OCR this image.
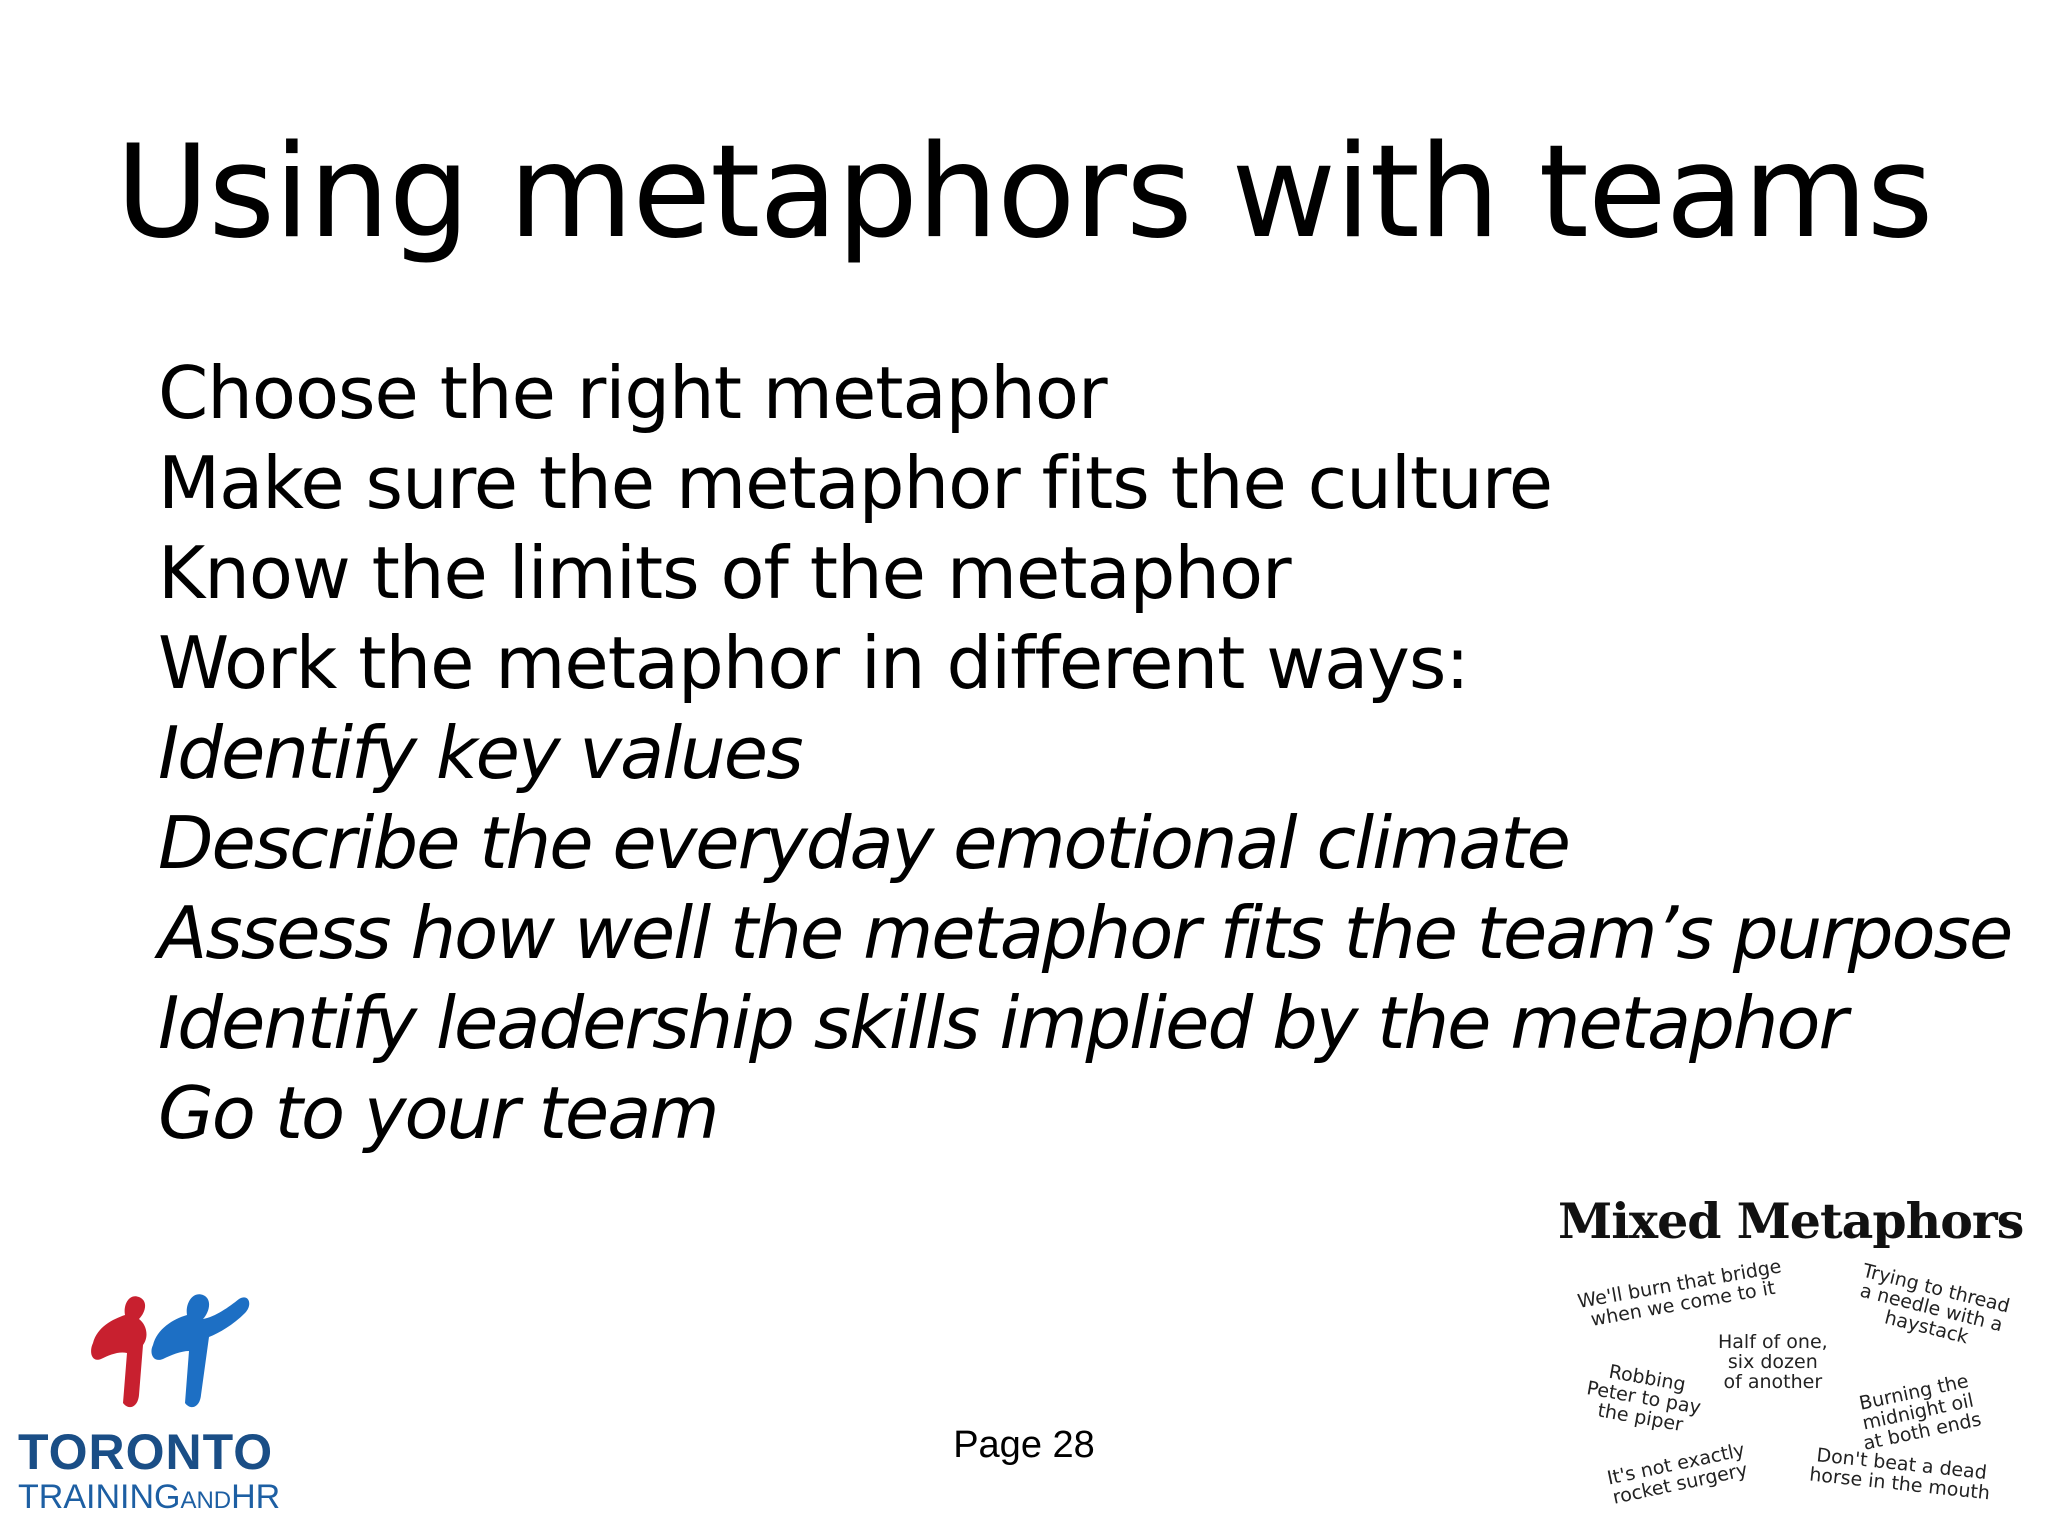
Using metaphors with teams
Choose the right metaphor
Make sure the metaphor fits the culture
Know the limits of the metaphor
Work the metaphor in different ways:
Identify key values
Describe the everyday emotional climate
Assess how well the metaphor fits the team’s purpose
Identify leadership skills implied by the metaphor
Go to your team
TORONTO
TRAININGANDHR
Page 28
Mixed Metaphors
We'll burn that bridge
when we come to it	Trying to thread
a needle with a
haystack
Half of one,
six dozen
of another
Robbing
Peter to pay
the piper
Burning the
midnight oil
at both ends
It's not exactly
rocket surgery	Don't beat a dead
horse in the mouth
